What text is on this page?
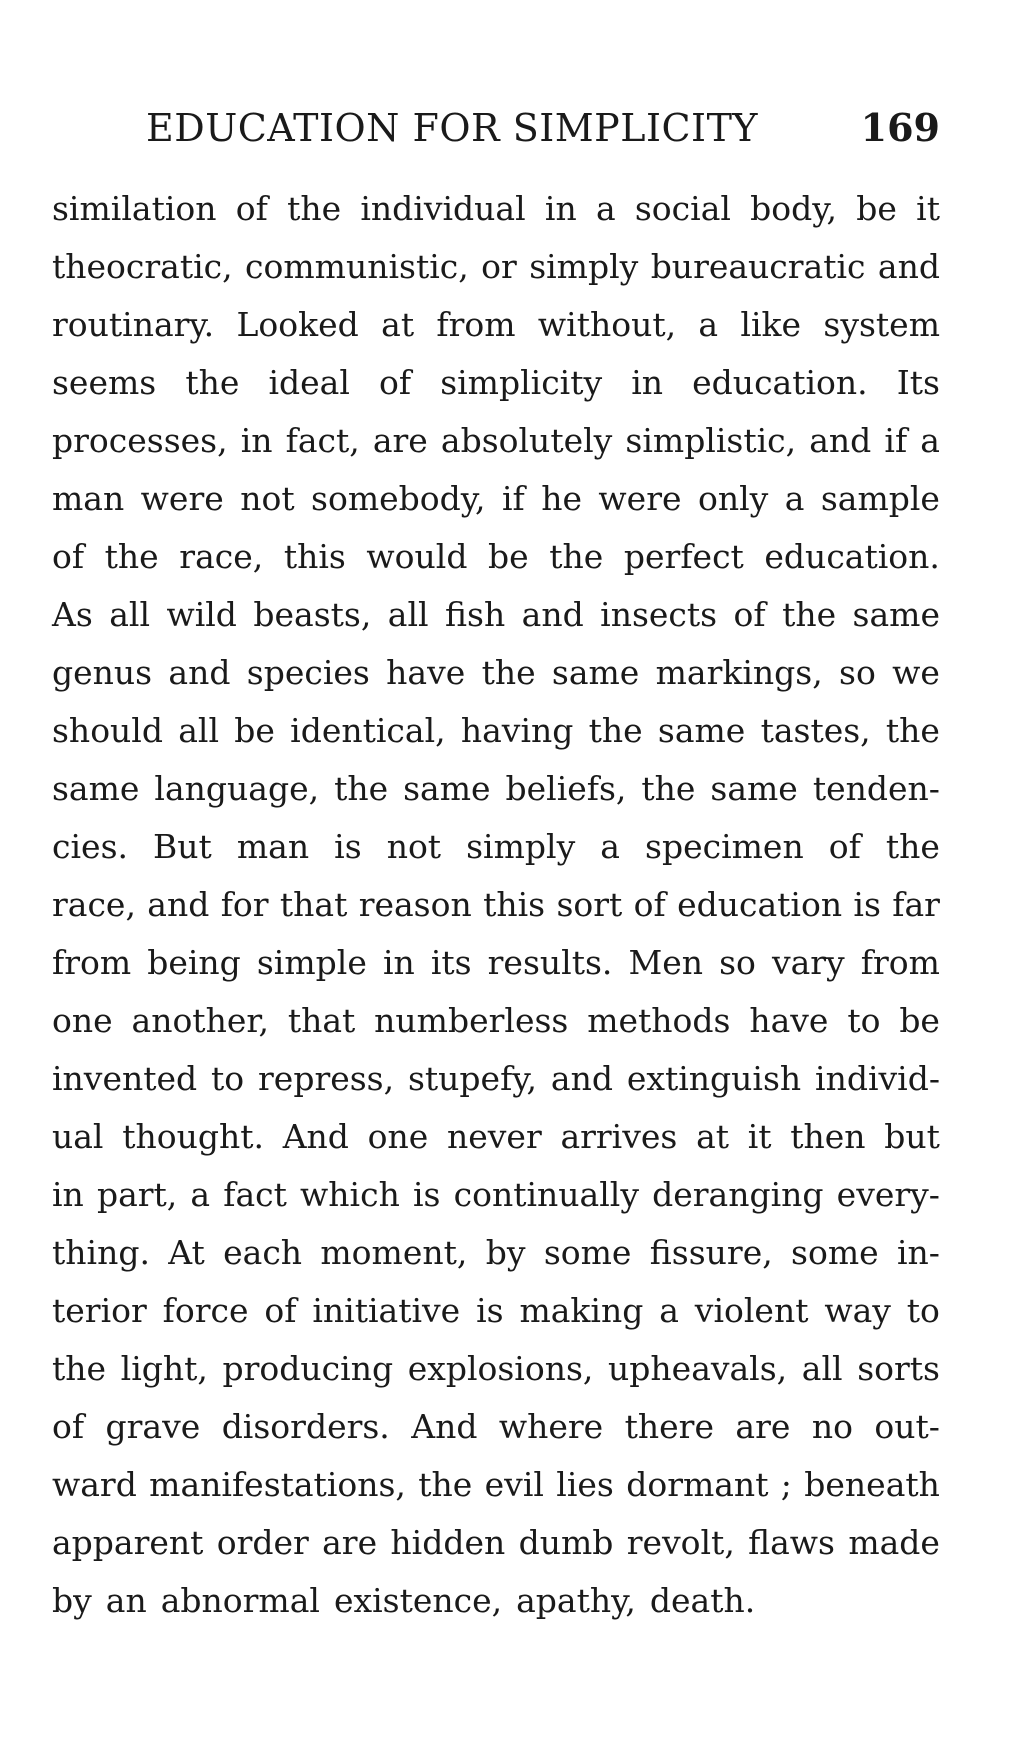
EDUCATION FOR SIMPLICITY	169
similation of the individual in a social body, be it
theocratic, communistic, or simply bureaucratic and
routinary. Looked at from without, a like system
seems the ideal of simplicity in education. Its
processes, in fact, are absolutely simplistic, and if a
man were not somebody, if he were only a sample
of the race, this would be the perfect education.
As all wild beasts, all fish and insects of the same
genus and species have the same markings, so we
should all be identical, having the same tastes, the
same language, the same beliefs, the same tenden-
cies. But man is not simply a specimen of the
race, and for that reason this sort of education is far
from being simple in its results. Men so vary from
one another, that numberless methods have to be
invented to repress, stupefy, and extinguish individ-
ual thought. And one never arrives at it then but
in part, a fact which is continually deranging every-
thing. At each moment, by some fissure, some in-
terior force of initiative is making a violent way to
the light, producing explosions, upheavals, all sorts
of grave disorders. And where there are no out-
ward manifestations, the evil lies dormant ; beneath
apparent order are hidden dumb revolt, flaws made
by an abnormal existence, apathy, death.
